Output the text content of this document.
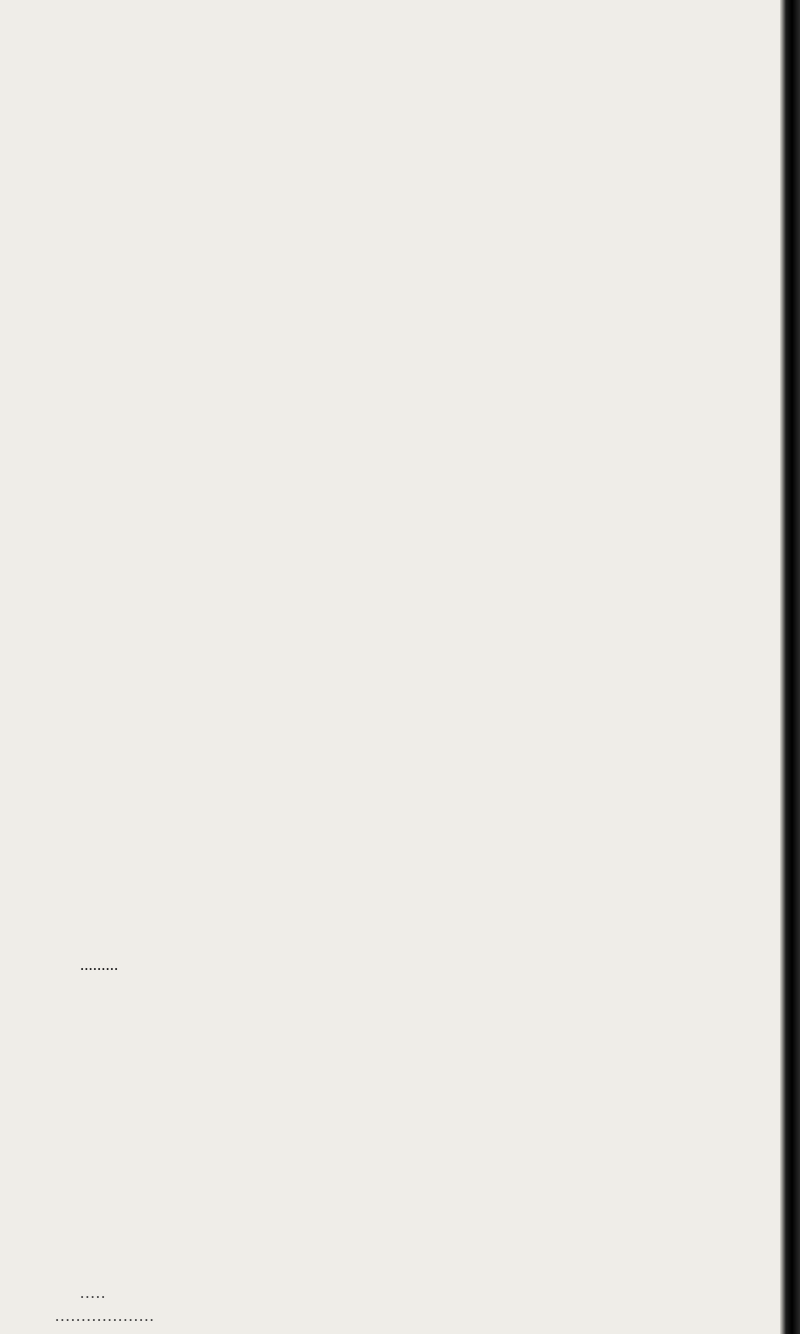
.........
.....
...................
